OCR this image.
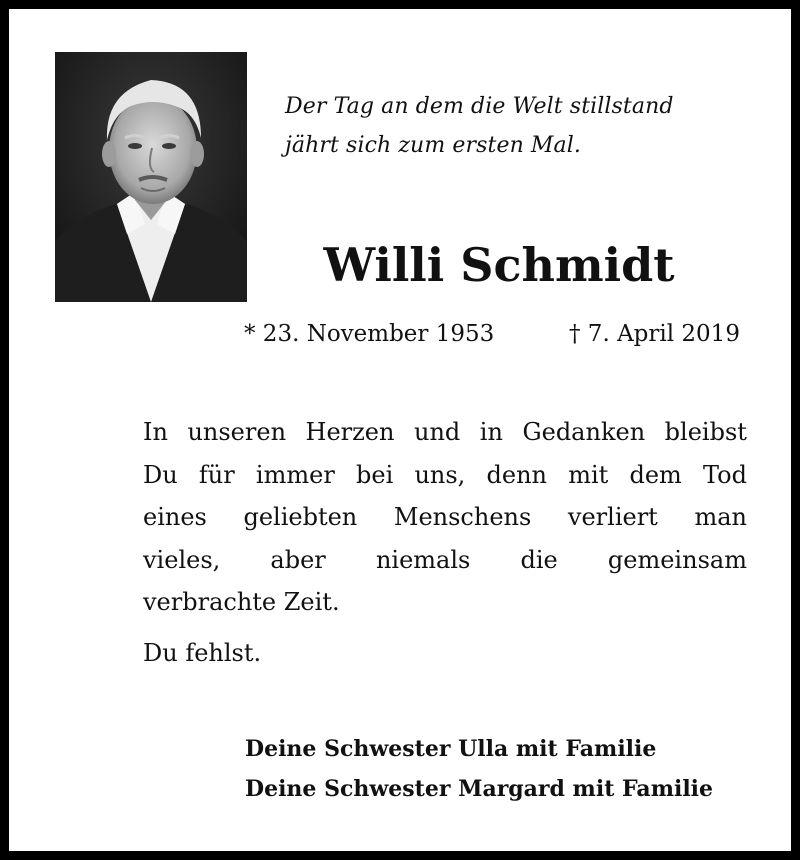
Der Tag an dem die Welt stillstand
jährt sich zum ersten Mal.
Willi Schmidt
* 23. November 1953	† 7. April 2019
In unseren Herzen und in Gedanken bleibst
Du für immer bei uns, denn mit dem Tod
eines geliebten Menschens verliert man
vieles, aber niemals die gemeinsam
verbrachte Zeit.
Du fehlst.
Deine Schwester Ulla mit Familie
Deine Schwester Margard mit Familie
